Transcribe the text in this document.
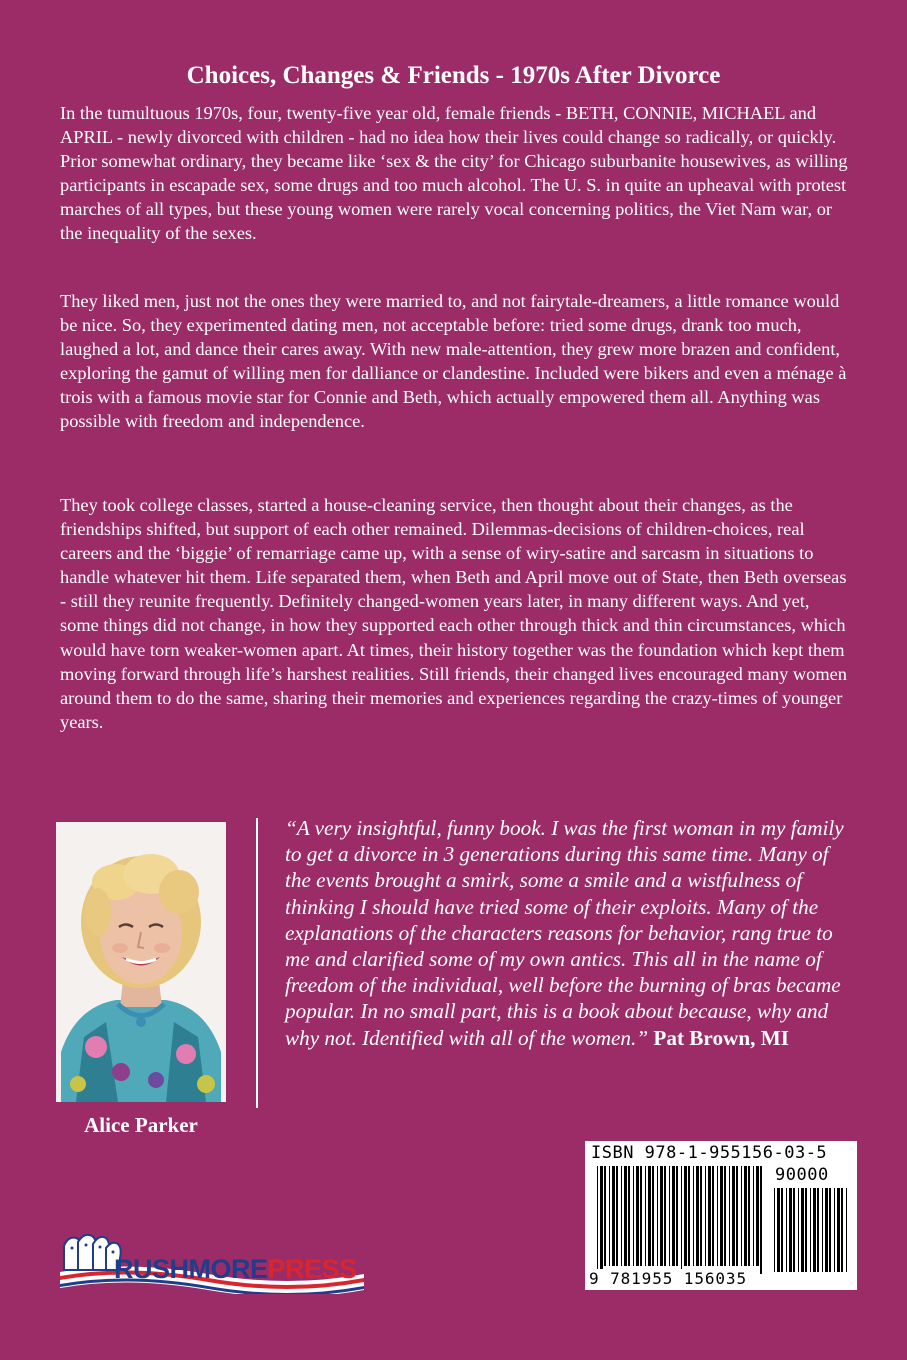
Choices, Changes & Friends - 1970s After Divorce

In the tumultuous 1970s, four, twenty-five year old, female friends - BETH, CONNIE, MICHAEL and APRIL - newly divorced with children - had no idea how their lives could change so radically, or quickly. Prior somewhat ordinary, they became like ‘sex & the city’ for Chicago suburbanite housewives, as willing participants in escapade sex, some drugs and too much alcohol. The U. S. in quite an upheaval with protest marches of all types, but these young women were rarely vocal concerning politics, the Viet Nam war, or the inequality of the sexes.

They liked men, just not the ones they were married to, and not fairytale-dreamers, a little romance would be nice. So, they experimented dating men, not acceptable before: tried some drugs, drank too much, laughed a lot, and dance their cares away. With new male-attention, they grew more brazen and confident, exploring the gamut of willing men for dalliance or clandestine. Included were bikers and even a ménage à trois with a famous movie star for Connie and Beth, which actually empowered them all. Anything was possible with freedom and independence.

They took college classes, started a house-cleaning service, then thought about their changes, as the friendships shifted, but support of each other remained. Dilemmas-decisions of children-choices, real careers and the ‘biggie’ of remarriage came up, with a sense of wiry-satire and sarcasm in situations to handle whatever hit them. Life separated them, when Beth and April move out of State, then Beth overseas - still they reunite frequently. Definitely changed-women years later, in many different ways. And yet, some things did not change, in how they supported each other through thick and thin circumstances, which would have torn weaker-women apart. At times, their history together was the foundation which kept them moving forward through life’s harshest realities. Still friends, their changed lives encouraged many women around them to do the same, sharing their memories and experiences regarding the crazy-times of younger years.

Alice Parker

“A very insightful, funny book. I was the first woman in my family to get a divorce in 3 generations during this same time. Many of the events brought a smirk, some a smile and a wistfulness of thinking I should have tried some of their exploits. Many of the explanations of the characters reasons for behavior, rang true to me and clarified some of my own antics. This all in the name of freedom of the individual, well before the burning of bras became popular. In no small part, this is a book about because, why and why not. Identified with all of the women.” Pat Brown, MI

ISBN 978-1-955156-03-5
90000
9 781955 156035
RUSHMOREPRESS
